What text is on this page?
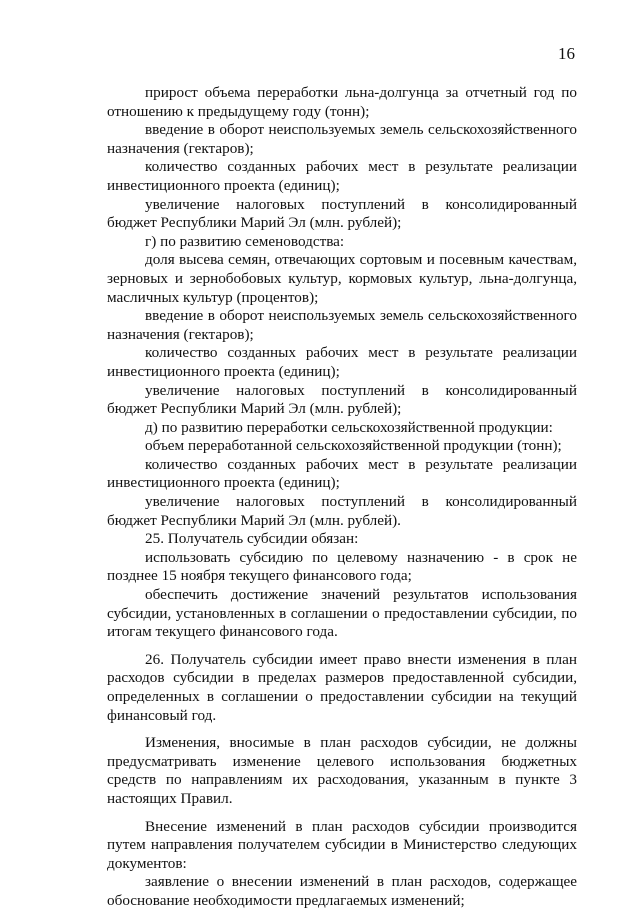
16

прирост объема переработки льна-долгунца за отчетный год по отношению к предыдущему году (тонн);

введение в оборот неиспользуемых земель сельскохозяйственного назначения (гектаров);

количество созданных рабочих мест в результате реализации инвестиционного проекта (единиц);

увеличение налоговых поступлений в консолидированный бюджет Республики Марий Эл (млн. рублей);

г) по развитию семеноводства:

доля высева семян, отвечающих сортовым и посевным качествам, зерновых и зернобобовых культур, кормовых культур, льна-долгунца, масличных культур (процентов);

введение в оборот неиспользуемых земель сельскохозяйственного назначения (гектаров);

количество созданных рабочих мест в результате реализации инвестиционного проекта (единиц);

увеличение налоговых поступлений в консолидированный бюджет Республики Марий Эл (млн. рублей);

д) по развитию переработки сельскохозяйственной продукции:

объем переработанной сельскохозяйственной продукции (тонн);

количество созданных рабочих мест в результате реализации инвестиционного проекта (единиц);

увеличение налоговых поступлений в консолидированный бюджет Республики Марий Эл (млн. рублей).

25. Получатель субсидии обязан:

использовать субсидию по целевому назначению - в срок не позднее 15 ноября текущего финансового года;

обеспечить достижение значений результатов использования субсидии, установленных в соглашении о предоставлении субсидии, по итогам текущего финансового года.

26. Получатель субсидии имеет право внести изменения в план расходов субсидии в пределах размеров предоставленной субсидии, определенных в соглашении о предоставлении субсидии на текущий финансовый год.

Изменения, вносимые в план расходов субсидии, не должны предусматривать изменение целевого использования бюджетных средств по направлениям их расходования, указанным в пункте 3 настоящих Правил.

Внесение изменений в план расходов субсидии производится путем направления получателем субсидии в Министерство следующих документов:

заявление о внесении изменений в план расходов, содержащее обоснование необходимости предлагаемых изменений;
